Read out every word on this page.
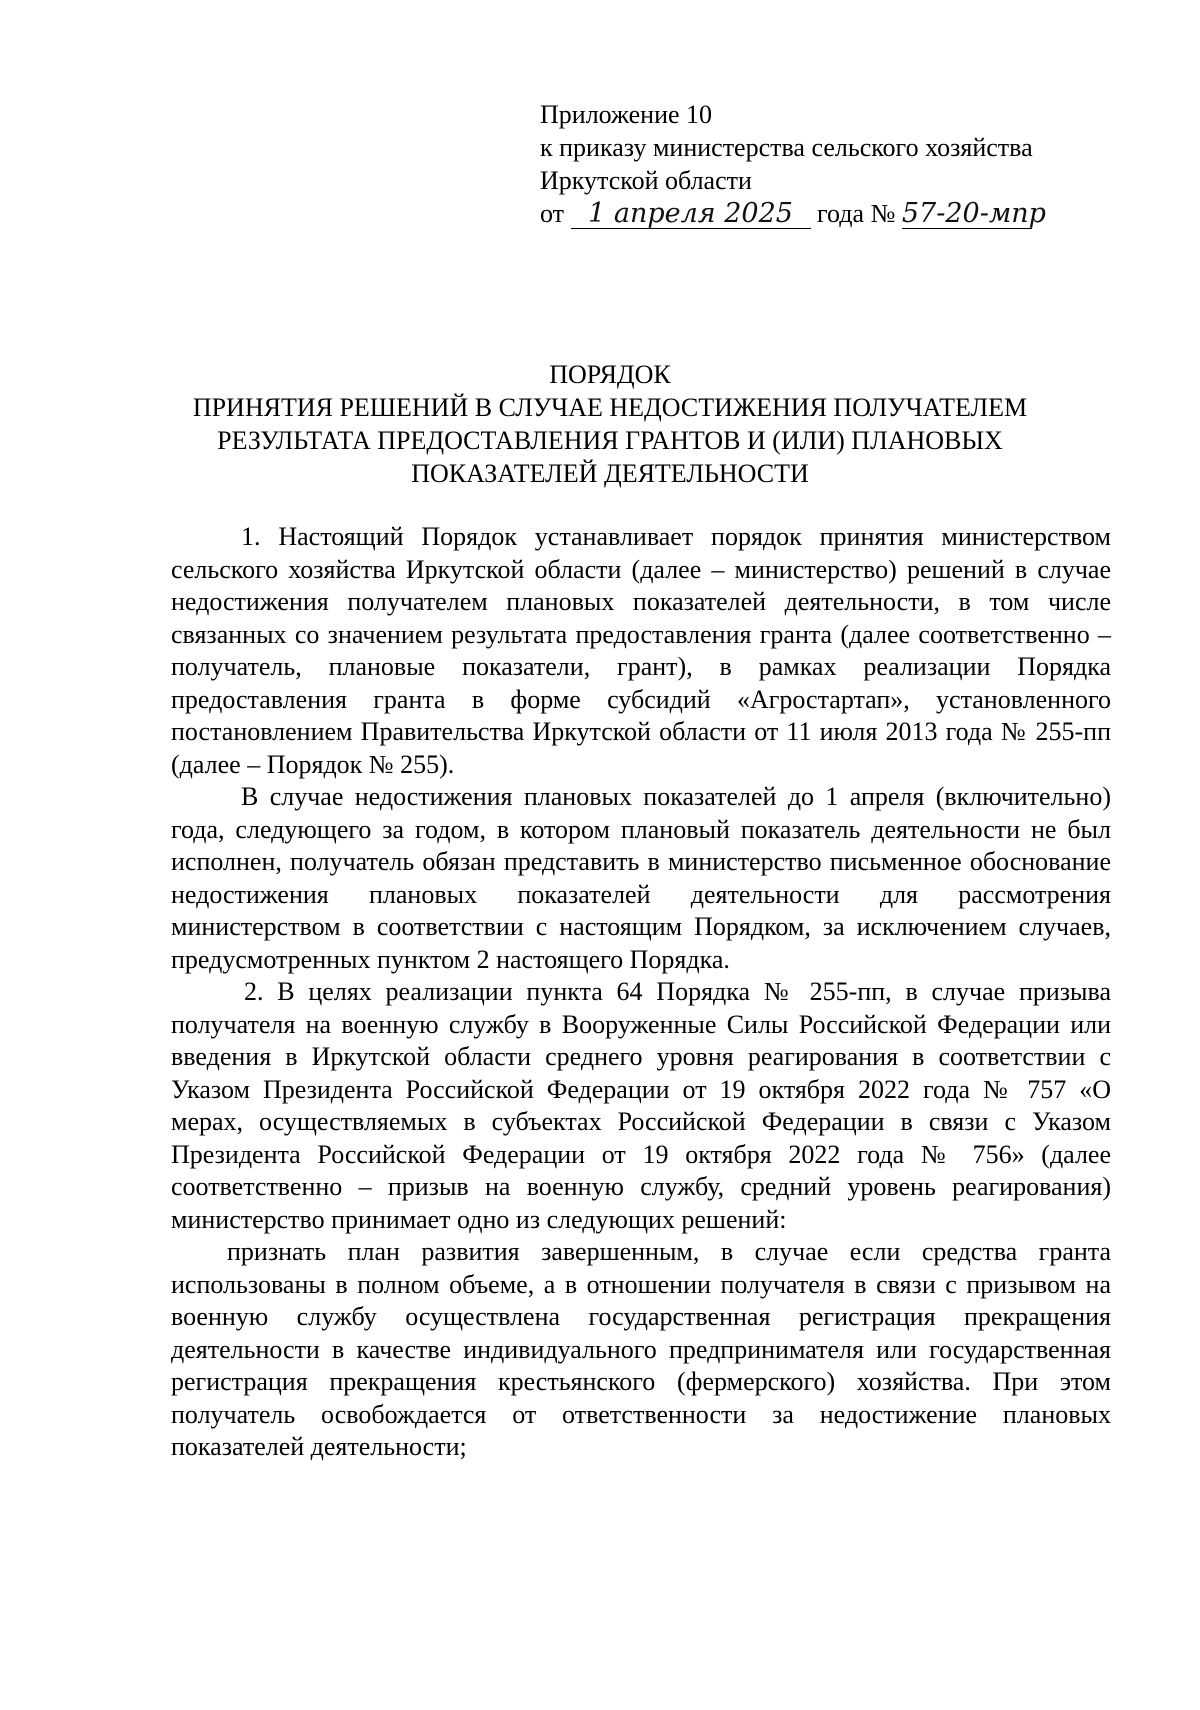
Приложение 10
к приказу министерства сельского хозяйства
Иркутской области
от 1 апреля 2025 года № 57-20-мпр
ПОРЯДОК
ПРИНЯТИЯ РЕШЕНИЙ В СЛУЧАЕ НЕДОСТИЖЕНИЯ ПОЛУЧАТЕЛЕМ
РЕЗУЛЬТАТА ПРЕДОСТАВЛЕНИЯ ГРАНТОВ И (ИЛИ) ПЛАНОВЫХ
ПОКАЗАТЕЛЕЙ ДЕЯТЕЛЬНОСТИ

1. Настоящий Порядок устанавливает порядок принятия министерством сельского хозяйства Иркутской области (далее – министерство) решений в случае недостижения получателем плановых показателей деятельности, в том числе связанных со значением результата предоставления гранта (далее соответственно – получатель, плановые показатели, грант), в рамках реализации Порядка предоставления гранта в форме субсидий «Агростартап», установленного постановлением Правительства Иркутской области от 11 июля 2013 года № 255-пп (далее – Порядок № 255).

В случае недостижения плановых показателей до 1 апреля (включительно) года, следующего за годом, в котором плановый показатель деятельности не был исполнен, получатель обязан представить в министерство письменное обоснование недостижения плановых показателей деятельности для рассмотрения министерством в соответствии с настоящим Порядком, за исключением случаев, предусмотренных пунктом 2 настоящего Порядка.

2. В целях реализации пункта 64 Порядка № 255-пп, в случае призыва получателя на военную службу в Вооруженные Силы Российской Федерации или введения в Иркутской области среднего уровня реагирования в соответствии с Указом Президента Российской Федерации от 19 октября 2022 года № 757 «О мерах, осуществляемых в субъектах Российской Федерации в связи с Указом Президента Российской Федерации от 19 октября 2022 года № 756» (далее соответственно – призыв на военную службу, средний уровень реагирования) министерство принимает одно из следующих решений:

признать план развития завершенным, в случае если средства гранта использованы в полном объеме, а в отношении получателя в связи с призывом на военную службу осуществлена государственная регистрация прекращения деятельности в качестве индивидуального предпринимателя или государственная регистрация прекращения крестьянского (фермерского) хозяйства. При этом получатель освобождается от ответственности за недостижение плановых показателей деятельности;
